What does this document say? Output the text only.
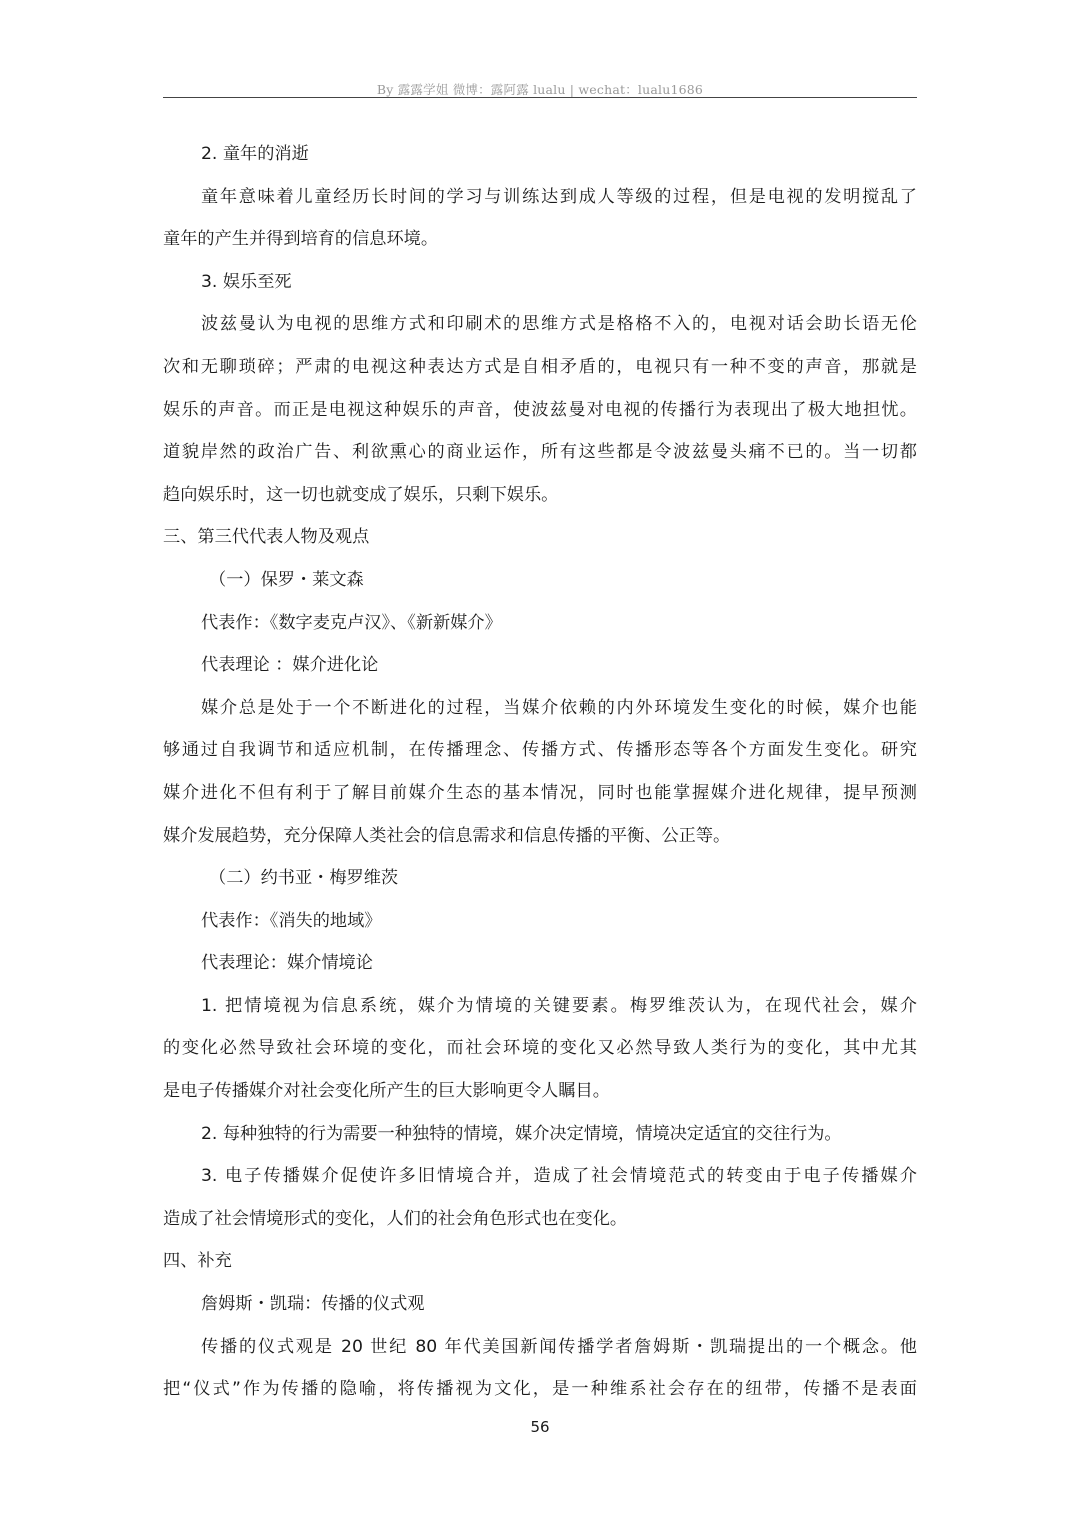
By 露露学姐 微博：露阿露 lualu | wechat：lualu1686
2. 童年的消逝
童年意味着儿童经历长时间的学习与训练达到成人等级的过程，但是电视的发明搅乱了
童年的产生并得到培育的信息环境。
3. 娱乐至死
波兹曼认为电视的思维方式和印刷术的思维方式是格格不入的，电视对话会助长语无伦
次和无聊琐碎；严肃的电视这种表达方式是自相矛盾的，电视只有一种不变的声音，那就是
娱乐的声音。而正是电视这种娱乐的声音，使波兹曼对电视的传播行为表现出了极大地担忧。
道貌岸然的政治广告、利欲熏心的商业运作，所有这些都是令波兹曼头痛不已的。当一切都
趋向娱乐时，这一切也就变成了娱乐，只剩下娱乐。
三、第三代代表人物及观点
（一）保罗・莱文森
代表作：《数字麦克卢汉》、《新新媒介》
代表理论 ：媒介进化论
媒介总是处于一个不断进化的过程，当媒介依赖的内外环境发生变化的时候，媒介也能
够通过自我调节和适应机制，在传播理念、传播方式、传播形态等各个方面发生变化。研究
媒介进化不但有利于了解目前媒介生态的基本情况，同时也能掌握媒介进化规律，提早预测
媒介发展趋势，充分保障人类社会的信息需求和信息传播的平衡、公正等。
（二）约书亚・梅罗维茨
代表作：《消失的地域》
代表理论：媒介情境论
1. 把情境视为信息系统，媒介为情境的关键要素。梅罗维茨认为，在现代社会，媒介
的变化必然导致社会环境的变化，而社会环境的变化又必然导致人类行为的变化，其中尤其
是电子传播媒介对社会变化所产生的巨大影响更令人瞩目。
2. 每种独特的行为需要一种独特的情境，媒介决定情境，情境决定适宜的交往行为。
3. 电子传播媒介促使许多旧情境合并，造成了社会情境范式的转变由于电子传播媒介
造成了社会情境形式的变化，人们的社会角色形式也在变化。
四、补充
詹姆斯・凯瑞：传播的仪式观
传播的仪式观是 20 世纪 80 年代美国新闻传播学者詹姆斯・凯瑞提出的一个概念。他
把“仪式”作为传播的隐喻，将传播视为文化，是一种维系社会存在的纽带，传播不是表面
56
